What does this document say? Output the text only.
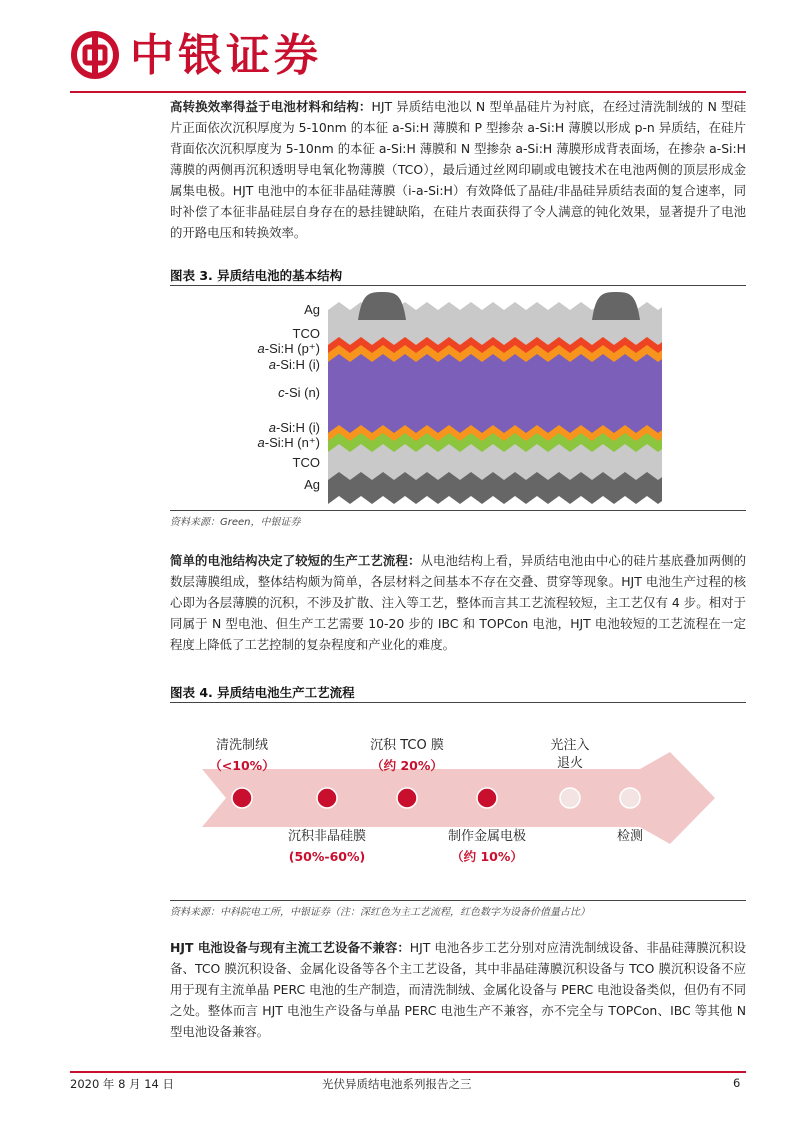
中银证券
高转换效率得益于电池材料和结构：HJT 异质结电池以 N 型单晶硅片为衬底，在经过清洗制绒的 N 型硅片正面依次沉积厚度为 5-10nm 的本征 a-Si:H 薄膜和 P 型掺杂 a-Si:H 薄膜以形成 p-n 异质结，在硅片背面依次沉积厚度为 5-10nm 的本征 a-Si:H 薄膜和 N 型掺杂 a-Si:H 薄膜形成背表面场，在掺杂 a-Si:H 薄膜的两侧再沉积透明导电氧化物薄膜（TCO），最后通过丝网印刷或电镀技术在电池两侧的顶层形成金属集电极。HJT 电池中的本征非晶硅薄膜（i-a-Si:H）有效降低了晶硅/非晶硅异质结表面的复合速率，同时补偿了本征非晶硅层自身存在的悬挂键缺陷，在硅片表面获得了令人满意的钝化效果，显著提升了电池的开路电压和转换效率。
图表 3. 异质结电池的基本结构
Ag
TCO
a-Si:H (p⁺)
a-Si:H (i)
c-Si (n)
a-Si:H (i)
a-Si:H (n⁺)
TCO
Ag
资料来源：Green，中银证券
简单的电池结构决定了较短的生产工艺流程：从电池结构上看，异质结电池由中心的硅片基底叠加两侧的数层薄膜组成，整体结构颇为简单，各层材料之间基本不存在交叠、贯穿等现象。HJT 电池生产过程的核心即为各层薄膜的沉积，不涉及扩散、注入等工艺，整体而言其工艺流程较短，主工艺仅有 4 步。相对于同属于 N 型电池、但生产工艺需要 10-20 步的 IBC 和 TOPCon 电池，HJT 电池较短的工艺流程在一定程度上降低了工艺控制的复杂程度和产业化的难度。
图表 4. 异质结电池生产工艺流程
清洗制绒
（<10%）
沉积 TCO 膜
（约 20%）
光注入
退火
沉积非晶硅膜
(50%-60%)
制作金属电极
（约 10%）
检测
资料来源：中科院电工所，中银证券（注：深红色为主工艺流程，红色数字为设备价值量占比）
HJT 电池设备与现有主流工艺设备不兼容：HJT 电池各步工艺分别对应清洗制绒设备、非晶硅薄膜沉积设备、TCO 膜沉积设备、金属化设备等各个主工艺设备，其中非晶硅薄膜沉积设备与 TCO 膜沉积设备不应用于现有主流单晶 PERC 电池的生产制造，而清洗制绒、金属化设备与 PERC 电池设备类似，但仍有不同之处。整体而言 HJT 电池生产设备与单晶 PERC 电池生产不兼容，亦不完全与 TOPCon、IBC 等其他 N 型电池设备兼容。
2020 年 8 月 14 日	光伏异质结电池系列报告之三	6
